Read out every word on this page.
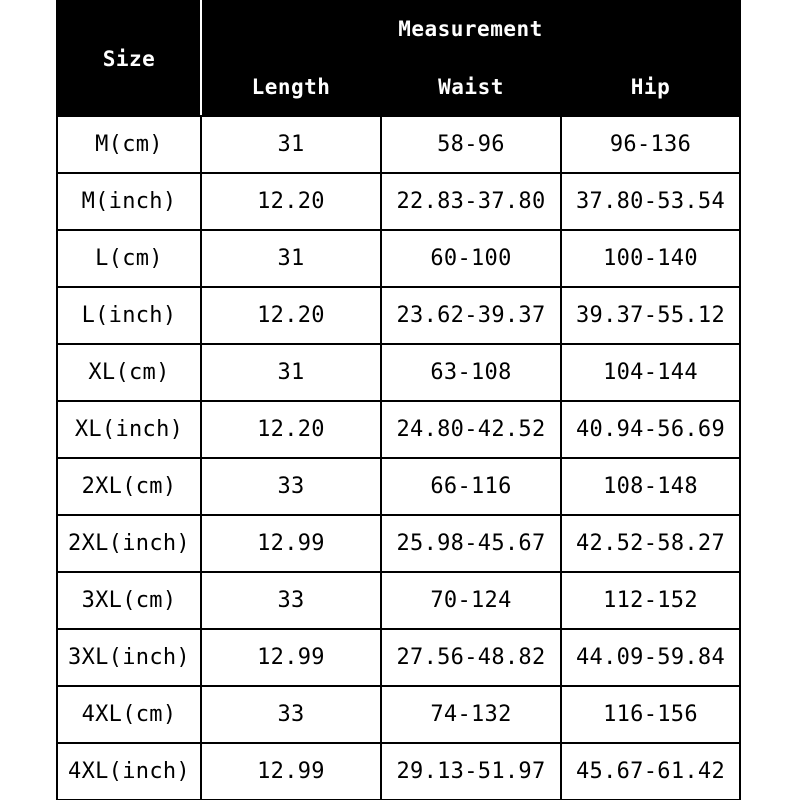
Size	Measurement		
	Length	Waist	Hip
M(cm)	31	58-96	96-136
M(inch)	12.20	22.83-37.80	37.80-53.54
L(cm)	31	60-100	100-140
L(inch)	12.20	23.62-39.37	39.37-55.12
XL(cm)	31	63-108	104-144
XL(inch)	12.20	24.80-42.52	40.94-56.69
2XL(cm)	33	66-116	108-148
2XL(inch)	12.99	25.98-45.67	42.52-58.27
3XL(cm)	33	70-124	112-152
3XL(inch)	12.99	27.56-48.82	44.09-59.84
4XL(cm)	33	74-132	116-156
4XL(inch)	12.99	29.13-51.97	45.67-61.42
